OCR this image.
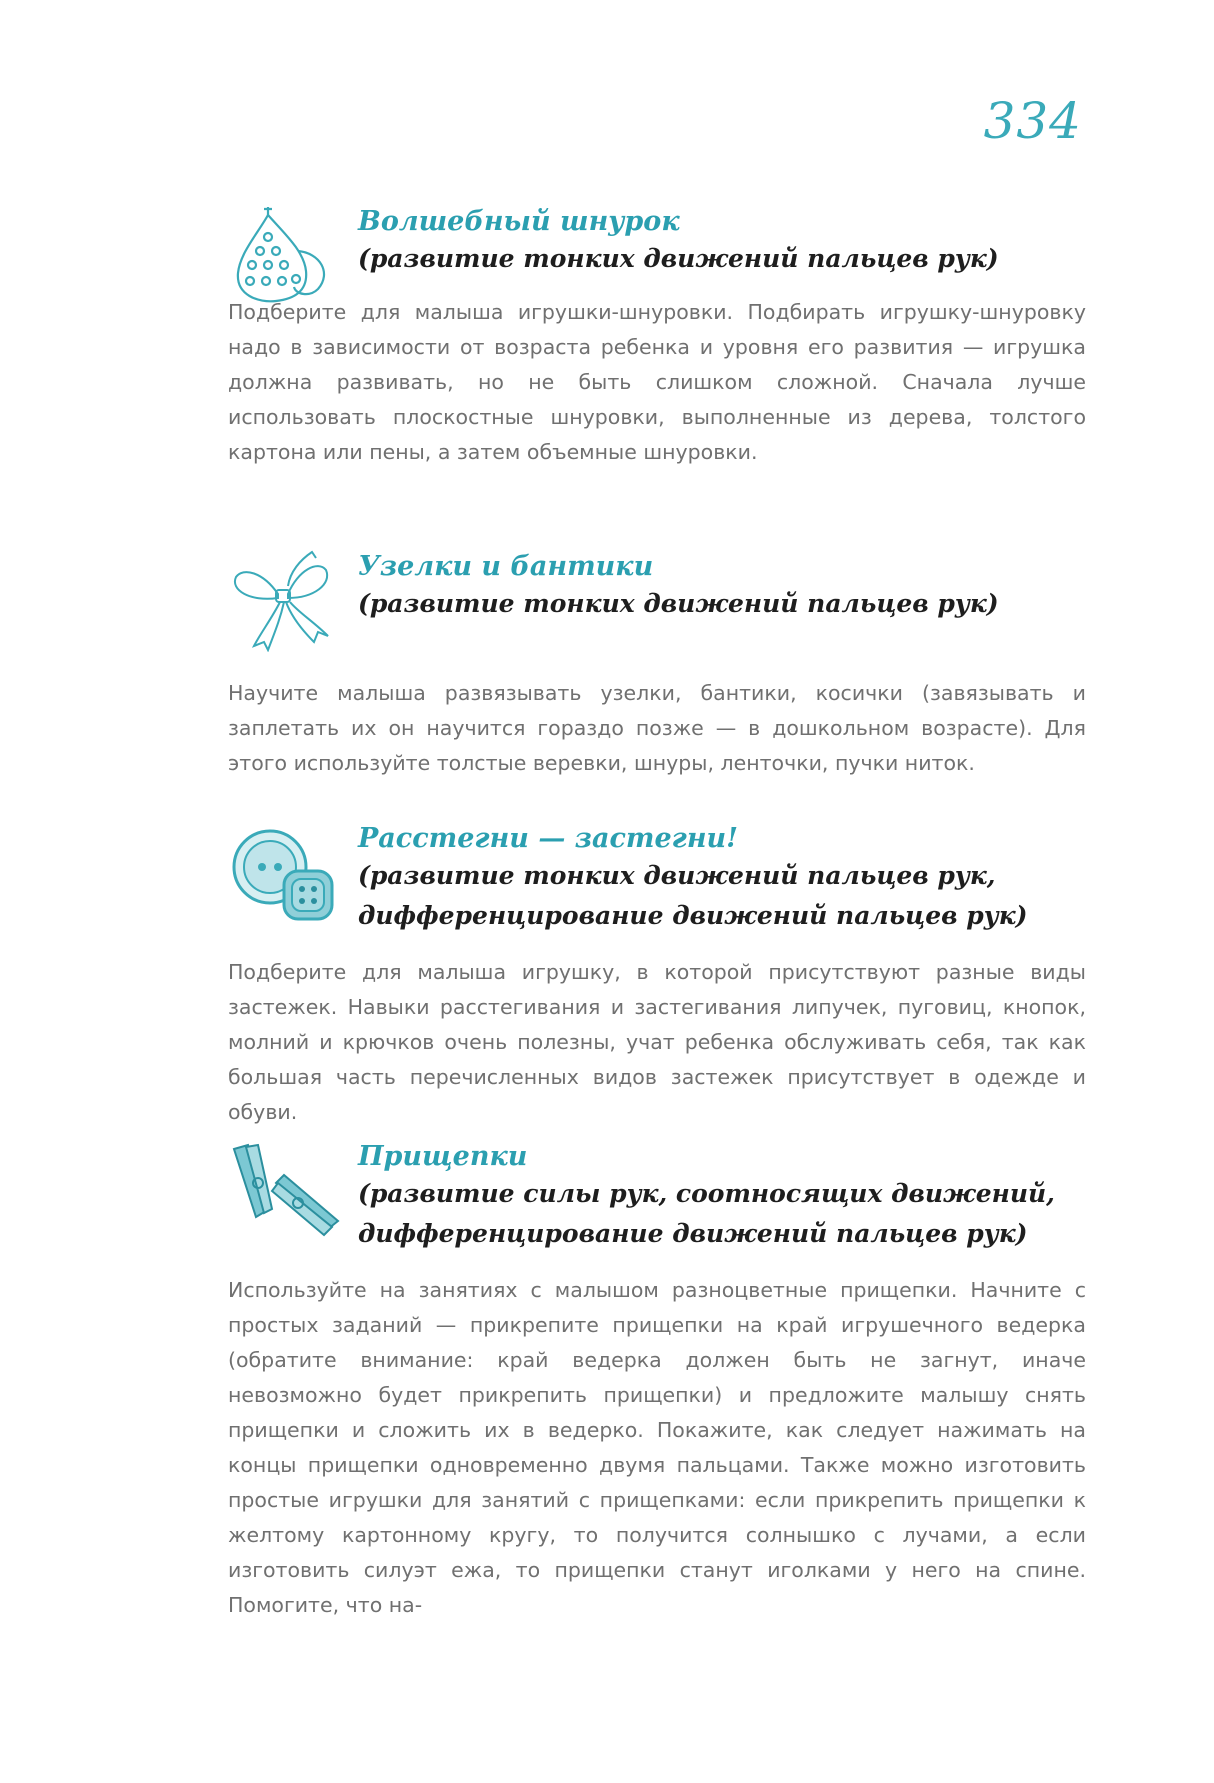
334
Волшебный шнурок
(развитие тонких движений пальцев рук)
Подберите для малыша игрушки-шнуровки. Подбирать игрушку-шнуровку надо в зависимости от возраста ребенка и уровня его развития — игрушка должна развивать, но не быть слишком сложной. Сначала лучше использовать плоскостные шнуровки, выполненные из дерева, толстого картона или пены, а затем объемные шнуровки.
Узелки и бантики
(развитие тонких движений пальцев рук)
Научите малыша развязывать узелки, бантики, косички (завязывать и заплетать их он научится гораздо позже — в дошкольном возрасте). Для этого используйте толстые веревки, шнуры, ленточки, пучки ниток.
Расстегни — застегни!
(развитие тонких движений пальцев рук,
дифференцирование движений пальцев рук)
Подберите для малыша игрушку, в которой присутствуют разные виды застежек. Навыки расстегивания и застегивания липучек, пуговиц, кнопок, молний и крючков очень полезны, учат ребенка обслуживать себя, так как большая часть перечисленных видов застежек присутствует в одежде и обуви.
Прищепки
(развитие силы рук, соотносящих движений,
дифференцирование движений пальцев рук)
Используйте на занятиях с малышом разноцветные прищепки. Начните с простых заданий — прикрепите прищепки на край игрушечного ведерка (обратите внимание: край ведерка должен быть не загнут, иначе невозможно будет прикрепить прищепки) и предложите малышу снять прищепки и сложить их в ведерко. Покажите, как следует нажимать на концы прищепки одновременно двумя пальцами. Также можно изготовить простые игрушки для занятий с прищепками: если прикрепить прищепки к желтому картонному кругу, то получится солнышко с лучами, а если изготовить силуэт ежа, то прищепки станут иголками у него на спине. Помогите, что на-
